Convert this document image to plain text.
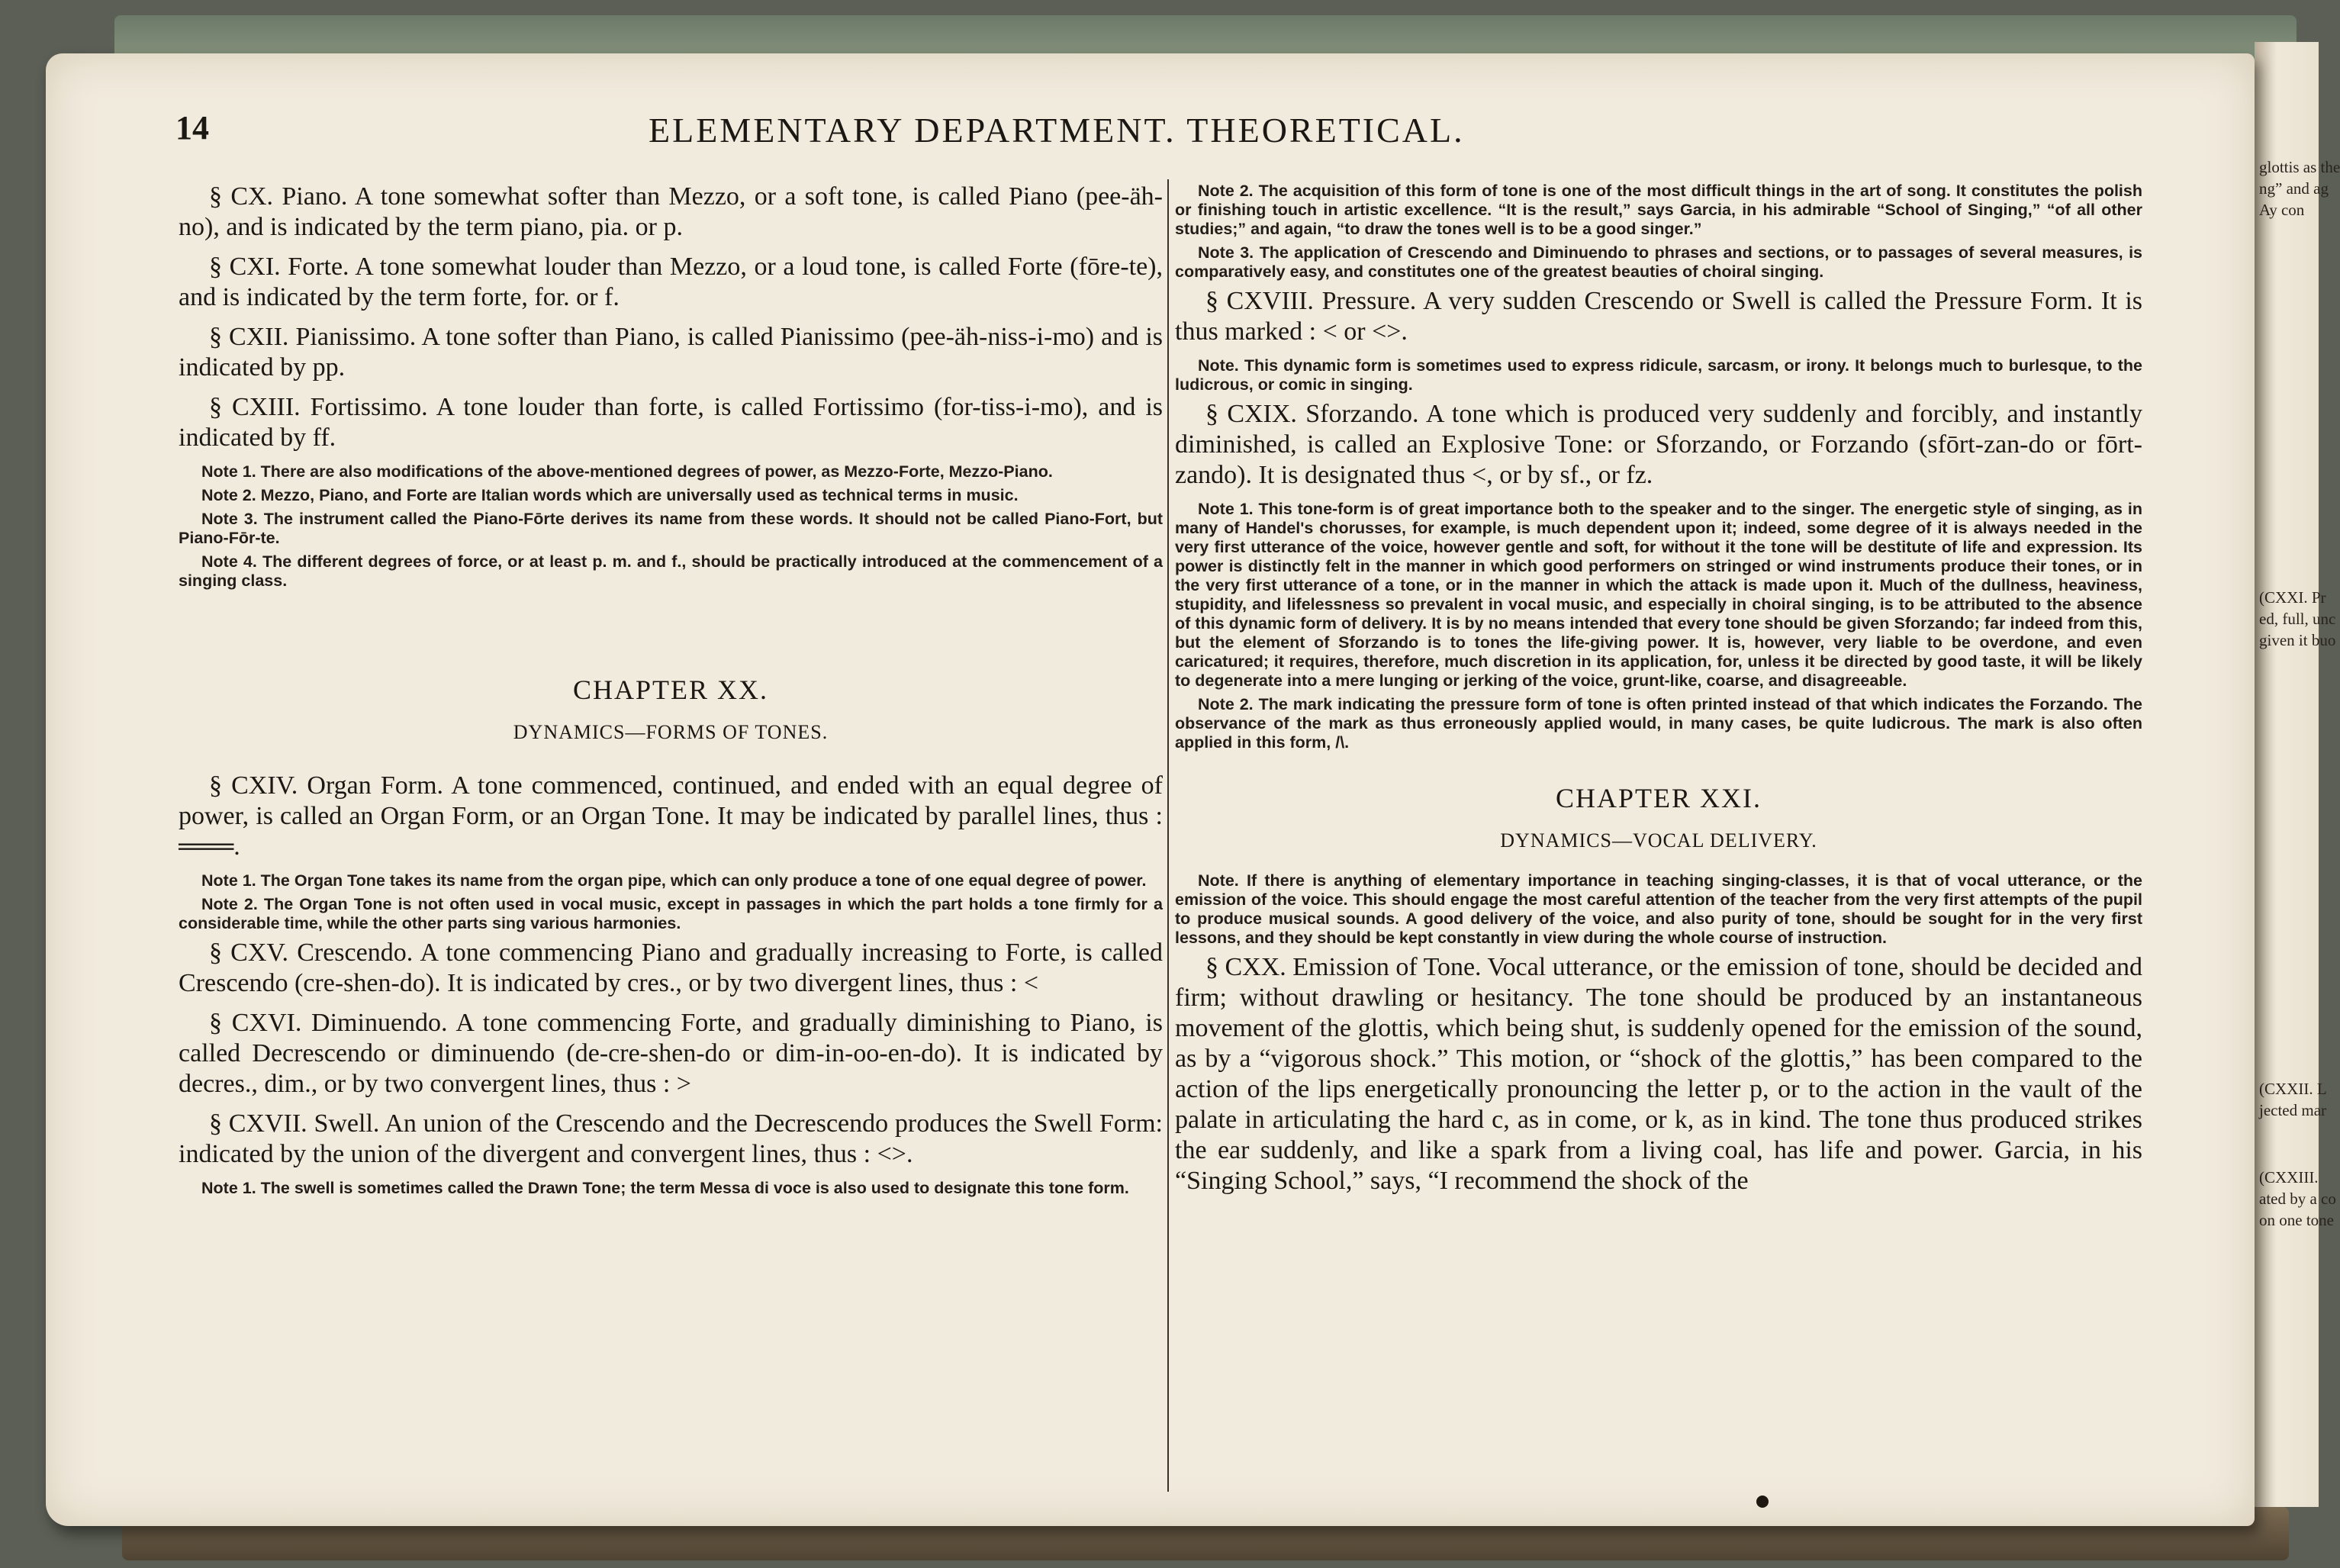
glottis as the
ng” and ag
Ay con
(CXXI. Pr
ed, full, unc
given it buo
(CXXII. L
jected mar
(CXXIII.
ated by a co
on one tone
14	ELEMENTARY DEPARTMENT. THEORETICAL.
§ CX. Piano. A tone somewhat softer than Mezzo, or a soft tone, is called Piano (pee-äh-no), and is indicated by the term piano, pia. or p.
§ CXI. Forte. A tone somewhat louder than Mezzo, or a loud tone, is called Forte (fōre-te), and is indicated by the term forte, for. or f.
§ CXII. Pianissimo. A tone softer than Piano, is called Pianissimo (pee-äh-niss-i-mo) and is indicated by pp.
§ CXIII. Fortissimo. A tone louder than forte, is called Fortissimo (for-tiss-i-mo), and is indicated by ff.
Note 1. There are also modifications of the above-mentioned degrees of power, as Mezzo-Forte, Mezzo-Piano.
Note 2. Mezzo, Piano, and Forte are Italian words which are universally used as technical terms in music.
Note 3. The instrument called the Piano-Fōrte derives its name from these words. It should not be called Piano-Fort, but Piano-Fōr-te.
Note 4. The different degrees of force, or at least p. m. and f., should be practically introduced at the commencement of a singing class.
CHAPTER XX.
DYNAMICS—FORMS OF TONES.
§ CXIV. Organ Form. A tone commenced, continued, and ended with an equal degree of power, is called an Organ Form, or an Organ Tone. It may be indicated by parallel lines, thus : ═══.
Note 1. The Organ Tone takes its name from the organ pipe, which can only produce a tone of one equal degree of power.
Note 2. The Organ Tone is not often used in vocal music, except in passages in which the part holds a tone firmly for a considerable time, while the other parts sing various harmonies.
§ CXV. Crescendo. A tone commencing Piano and gradually increasing to Forte, is called Crescendo (cre-shen-do). It is indicated by cres., or by two divergent lines, thus : <
§ CXVI. Diminuendo. A tone commencing Forte, and gradually diminishing to Piano, is called Decrescendo or diminuendo (de-cre-shen-do or dim-in-oo-en-do). It is indicated by decres., dim., or by two convergent lines, thus : >
§ CXVII. Swell. An union of the Crescendo and the Decrescendo produces the Swell Form: indicated by the union of the divergent and convergent lines, thus : <>.
Note 1. The swell is sometimes called the Drawn Tone; the term Messa di voce is also used to designate this tone form.
Note 2. The acquisition of this form of tone is one of the most difficult things in the art of song. It constitutes the polish or finishing touch in artistic excellence. “It is the result,” says Garcia, in his admirable “School of Singing,” “of all other studies;” and again, “to draw the tones well is to be a good singer.”
Note 3. The application of Crescendo and Diminuendo to phrases and sections, or to passages of several measures, is comparatively easy, and constitutes one of the greatest beauties of choiral singing.
§ CXVIII. Pressure. A very sudden Crescendo or Swell is called the Pressure Form. It is thus marked : < or <>.
Note. This dynamic form is sometimes used to express ridicule, sarcasm, or irony. It belongs much to burlesque, to the ludicrous, or comic in singing.
§ CXIX. Sforzando. A tone which is produced very suddenly and forcibly, and instantly diminished, is called an Explosive Tone: or Sforzando, or Forzando (sfōrt-zan-do or fōrt-zando). It is designated thus <, or by sf., or fz.
Note 1. This tone-form is of great importance both to the speaker and to the singer. The energetic style of singing, as in many of Handel's chorusses, for example, is much dependent upon it; indeed, some degree of it is always needed in the very first utterance of the voice, however gentle and soft, for without it the tone will be destitute of life and expression. Its power is distinctly felt in the manner in which good performers on stringed or wind instruments produce their tones, or in the very first utterance of a tone, or in the manner in which the attack is made upon it. Much of the dullness, heaviness, stupidity, and lifelessness so prevalent in vocal music, and especially in choiral singing, is to be attributed to the absence of this dynamic form of delivery. It is by no means intended that every tone should be given Sforzando; far indeed from this, but the element of Sforzando is to tones the life-giving power. It is, however, very liable to be overdone, and even caricatured; it requires, therefore, much discretion in its application, for, unless it be directed by good taste, it will be likely to degenerate into a mere lunging or jerking of the voice, grunt-like, coarse, and disagreeable.
Note 2. The mark indicating the pressure form of tone is often printed instead of that which indicates the Forzando. The observance of the mark as thus erroneously applied would, in many cases, be quite ludicrous. The mark is also often applied in this form, /\.
CHAPTER XXI.
DYNAMICS—VOCAL DELIVERY.
Note. If there is anything of elementary importance in teaching singing-classes, it is that of vocal utterance, or the emission of the voice. This should engage the most careful attention of the teacher from the very first attempts of the pupil to produce musical sounds. A good delivery of the voice, and also purity of tone, should be sought for in the very first lessons, and they should be kept constantly in view during the whole course of instruction.
§ CXX. Emission of Tone. Vocal utterance, or the emission of tone, should be decided and firm; without drawling or hesitancy. The tone should be produced by an instantaneous movement of the glottis, which being shut, is suddenly opened for the emission of the sound, as by a “vigorous shock.” This motion, or “shock of the glottis,” has been compared to the action of the lips energetically pronouncing the letter p, or to the action in the vault of the palate in articulating the hard c, as in come, or k, as in kind. The tone thus produced strikes the ear suddenly, and like a spark from a living coal, has life and power. Garcia, in his “Singing School,” says, “I recommend the shock of the
